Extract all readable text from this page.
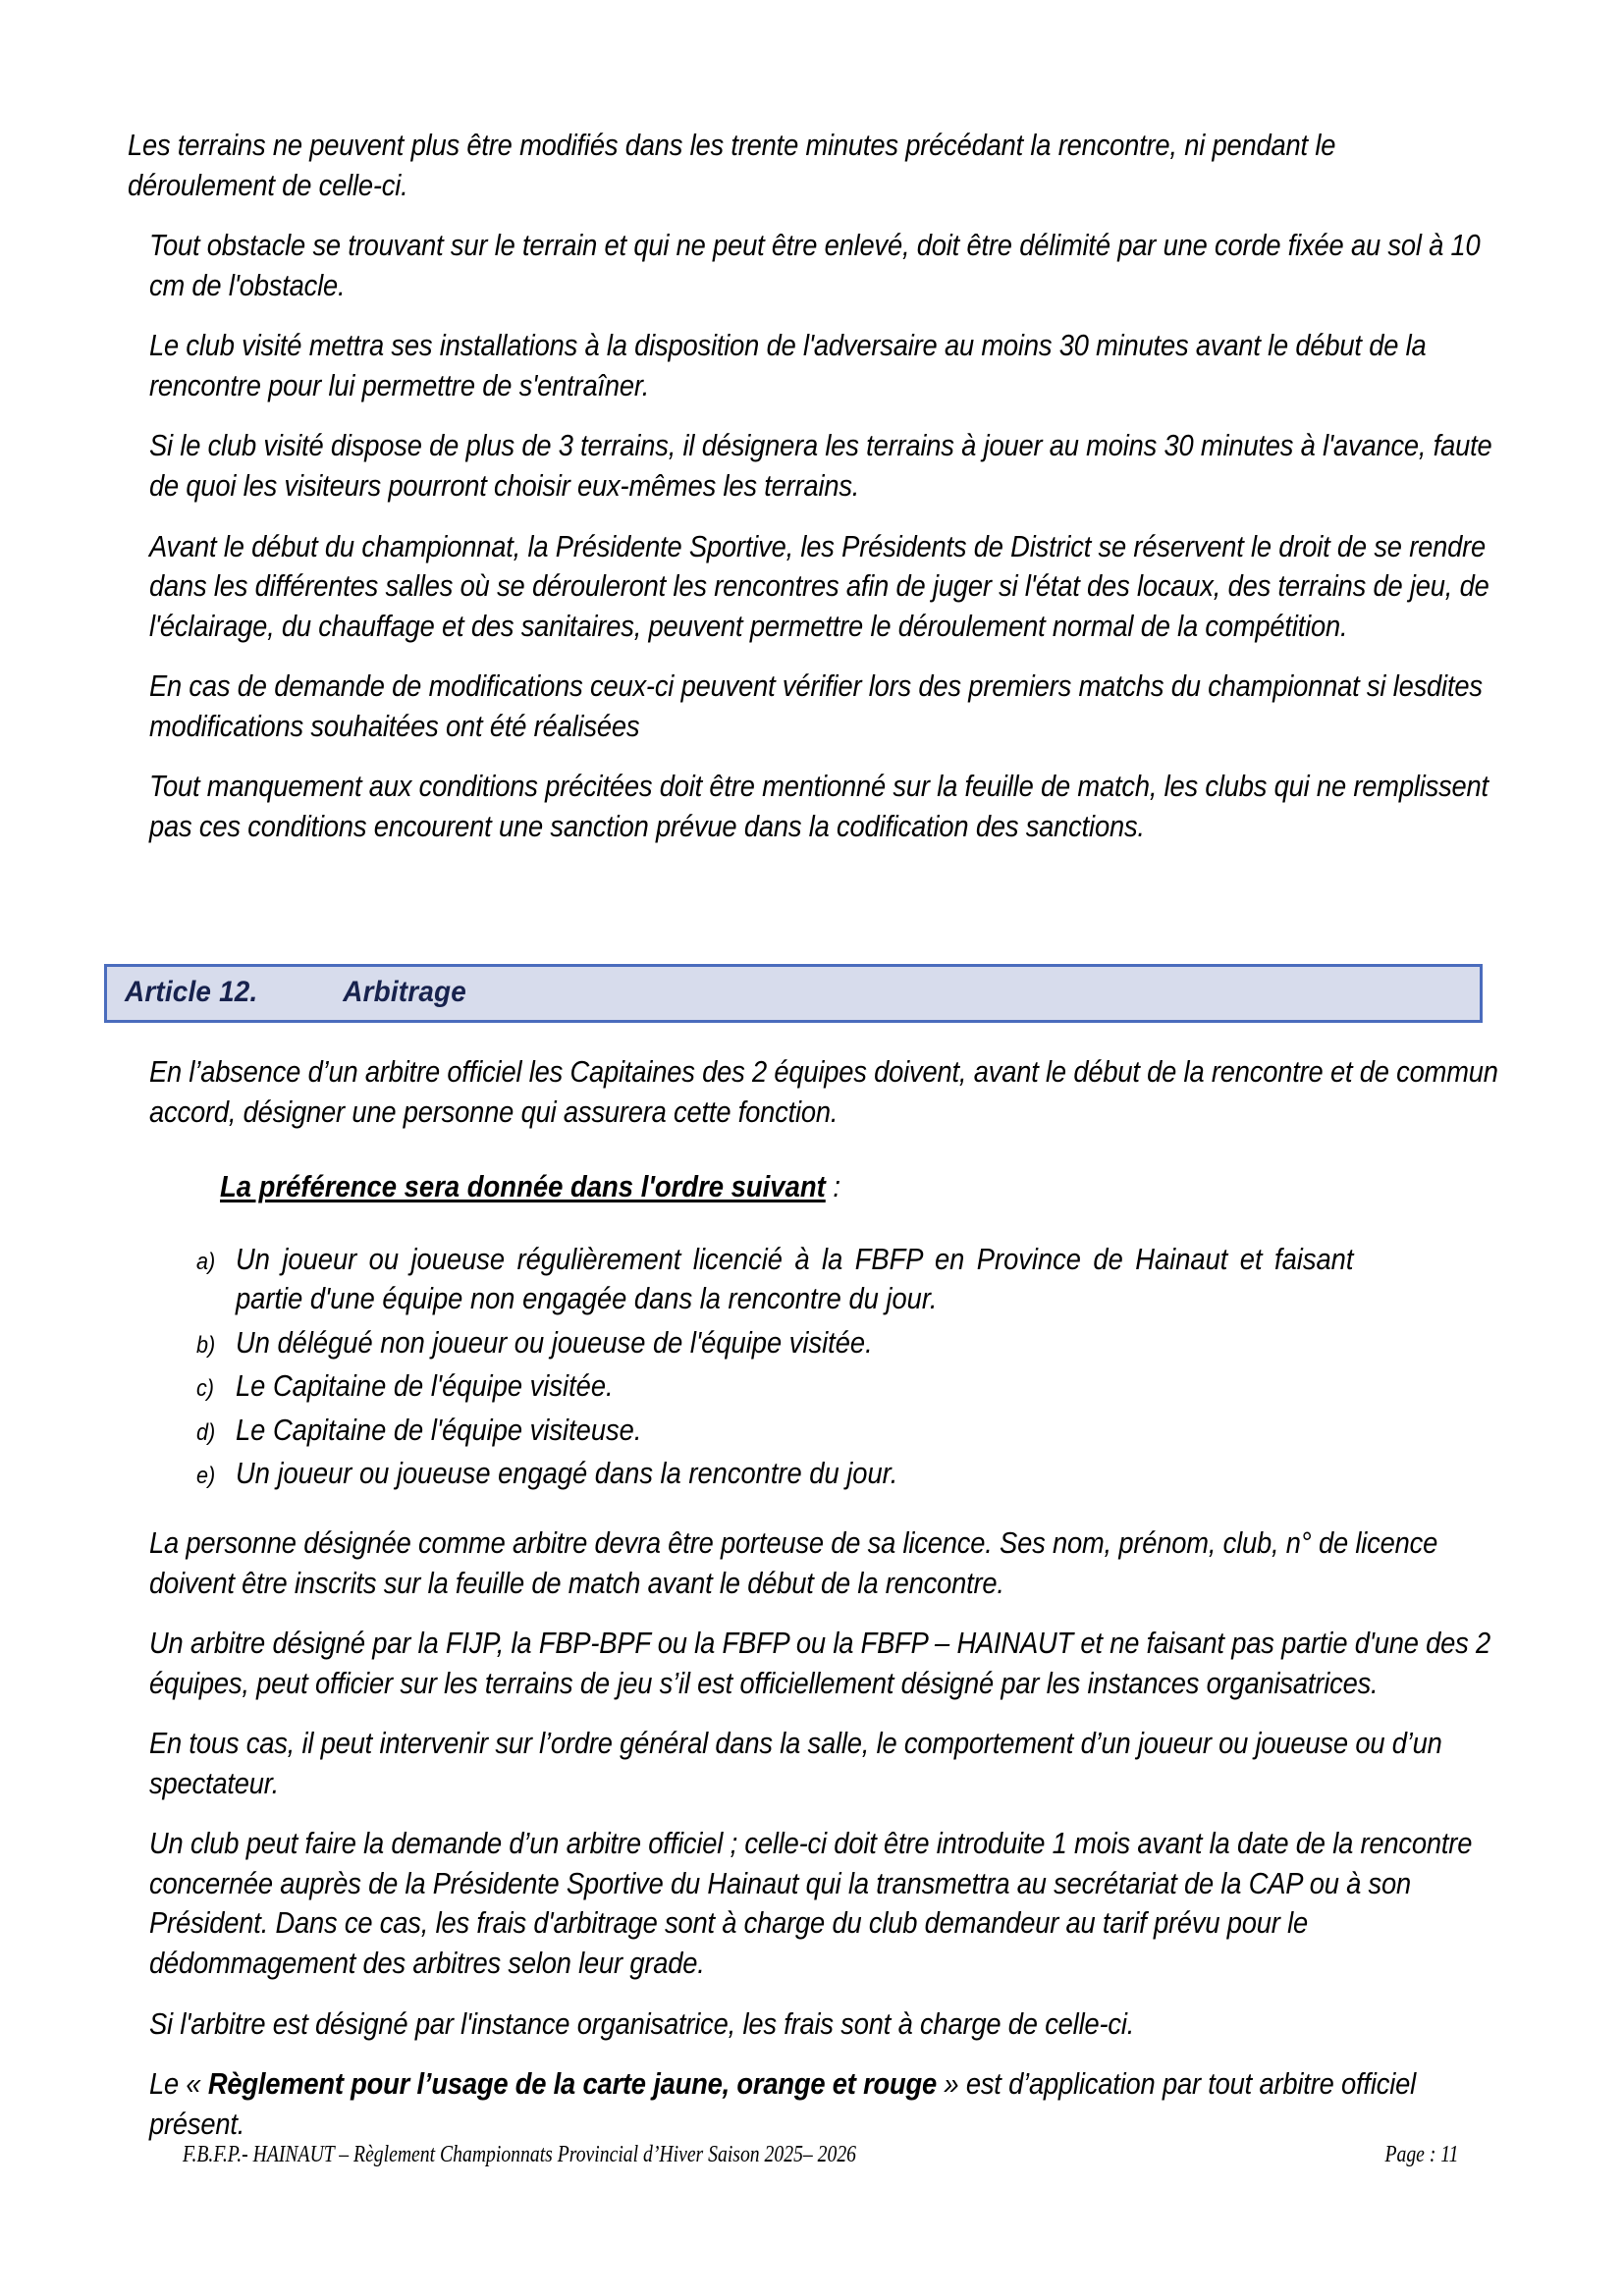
Les terrains ne peuvent plus être modifiés dans les trente minutes précédant la rencontre, ni pendant le déroulement de celle-ci.

Tout obstacle se trouvant sur le terrain et qui ne peut être enlevé, doit être délimité par une corde fixée au sol à 10 cm de l'obstacle.

Le club visité mettra ses installations à la disposition de l'adversaire au moins 30 minutes avant le début de la rencontre pour lui permettre de s'entraîner.

Si le club visité dispose de plus de 3 terrains, il désignera les terrains à jouer au moins 30 minutes à l'avance, faute de quoi les visiteurs pourront choisir eux-mêmes les terrains.

Avant le début du championnat, la Présidente Sportive, les Présidents de District se réservent le droit de se rendre dans les différentes salles où se dérouleront les rencontres afin de juger si l'état des locaux, des terrains de jeu, de l'éclairage, du chauffage et des sanitaires, peuvent permettre le déroulement normal de la compétition.

En cas de demande de modifications ceux-ci peuvent vérifier lors des premiers matchs du championnat si lesdites modifications souhaitées ont été réalisées

Tout manquement aux conditions précitées doit être mentionné sur la feuille de match, les clubs qui ne remplissent pas ces conditions encourent une sanction prévue dans la codification des sanctions.

Article 12.		Arbitrage

En l’absence d’un arbitre officiel les Capitaines des 2 équipes doivent, avant le début de la rencontre et de commun accord, désigner une personne qui assurera cette fonction.

La préférence sera donnée dans l'ordre suivant :
a) Un joueur ou joueuse régulièrement licencié à la FBFP en Province de Hainaut et faisant partie d'une équipe non engagée dans la rencontre du jour.
b) Un délégué non joueur ou joueuse de l'équipe visitée.
c) Le Capitaine de l'équipe visitée.
d) Le Capitaine de l'équipe visiteuse.
e) Un joueur ou joueuse engagé dans la rencontre du jour.

La personne désignée comme arbitre devra être porteuse de sa licence. Ses nom, prénom, club, n° de licence doivent être inscrits sur la feuille de match avant le début de la rencontre.

Un arbitre désigné par la FIJP, la FBP-BPF ou la FBFP ou la FBFP – HAINAUT et ne faisant pas partie d'une des 2 équipes, peut officier sur les terrains de jeu s’il est officiellement désigné par les instances organisatrices.

En tous cas, il peut intervenir sur l’ordre général dans la salle, le comportement d’un joueur ou joueuse ou d’un spectateur.

Un club peut faire la demande d’un arbitre officiel ; celle-ci doit être introduite 1 mois avant la date de la rencontre concernée auprès de la Présidente Sportive du Hainaut qui la transmettra au secrétariat de la CAP ou à son Président. Dans ce cas, les frais d'arbitrage sont à charge du club demandeur au tarif prévu pour le dédommagement des arbitres selon leur grade.

Si l'arbitre est désigné par l'instance organisatrice, les frais sont à charge de celle-ci.

Le « Règlement pour l’usage de la carte jaune, orange et rouge » est d’application par tout arbitre officiel présent.

F.B.F.P.- HAINAUT – Règlement Championnats Provincial d’Hiver Saison 2025– 2026	Page : 11
